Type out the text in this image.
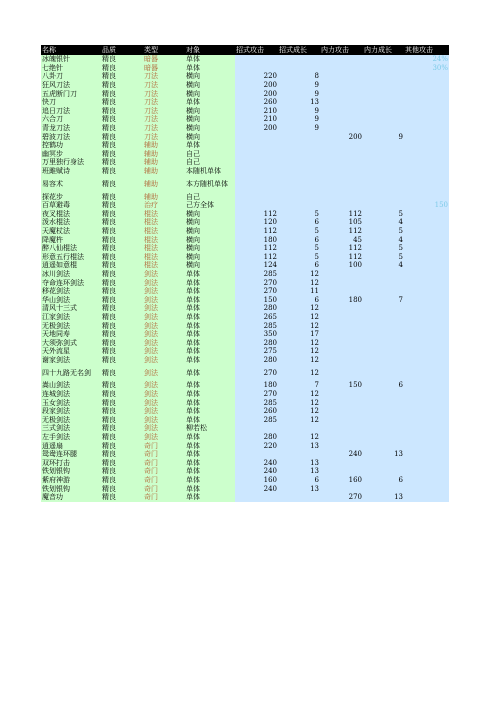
名称	品质	类型	对象	招式攻击	招式成长	内力攻击	内力成长	其他攻击
冰魄银针	精良	暗器	单体					24%
七绝针	精良	暗器	单体					30%
八卦刀	精良	刀法	横向	220	8			
狂风刀法	精良	刀法	横向	200	9			
五虎断门刀	精良	刀法	横向	200	9			
快刀	精良	刀法	单体	260	13			
追日刀法	精良	刀法	横向	210	9			
六合刀	精良	刀法	横向	210	9			
青龙刀法	精良	刀法	横向	200	9			
碧波刀法	精良	刀法	横向			200	9	
控鹤功	精良	辅助	单体					
幽冥步	精良	辅助	自己					
万里独行身法	精良	辅助	自己					
班雎赋诗	精良	辅助	本随机单体					
易容术	精良	辅助	本方随机单体					
探花步	精良	辅助	自己					
百草避毒	精良	治疗	己方全体					150
夜叉棍法	精良	棍法	横向	112	5	112	5	
泼水棍法	精良	棍法	横向	120	6	105	4	
天魔杖法	精良	棍法	横向	112	5	112	5	
降魔杵	精良	棍法	横向	180	6	45	4	
醉八仙棍法	精良	棍法	横向	112	5	112	5	
形意五行棍法	精良	棍法	横向	112	5	112	5	
逍遥如意棍	精良	棍法	横向	124	6	100	4	
冰川剑法	精良	剑法	单体	285	12			
夺命连环剑法	精良	剑法	单体	270	12			
移花剑法	精良	剑法	单体	270	11			
华山剑法	精良	剑法	单体	150	6	180	7	
清风十三式	精良	剑法	单体	280	12			
江家剑法	精良	剑法	单体	265	12			
无极剑法	精良	剑法	单体	285	12			
天地同寿	精良	剑法	单体	350	17			
大须弥剑式	精良	剑法	单体	280	12			
天外流星	精良	剑法	单体	275	12			
谢家剑法	精良	剑法	单体	280	12			
四十九路无名剑	精良	剑法	单体	270	12			
嵩山剑法	精良	剑法	单体	180	7	150	6	
连城剑法	精良	剑法	单体	270	12			
玉女剑法	精良	剑法	单体	285	12			
段家剑法	精良	剑法	单体	260	12			
无极剑法	精良	剑法	单体	285	12			
三式剑法	精良	剑法	柳若松					
左手剑法	精良	剑法	单体	280	12			
逍遥扇	精良	奇门	单体	220	13			
鸳鸯连环腿	精良	奇门	单体			240	13	
双环打击	精良	奇门	单体	240	13			
铁划银钩	精良	奇门	单体	240	13			
紫府神游	精良	奇门	单体	160	6	160	6	
铁划银钩	精良	奇门	单体	240	13			
魔音功	精良	奇门	单体			270	13	
